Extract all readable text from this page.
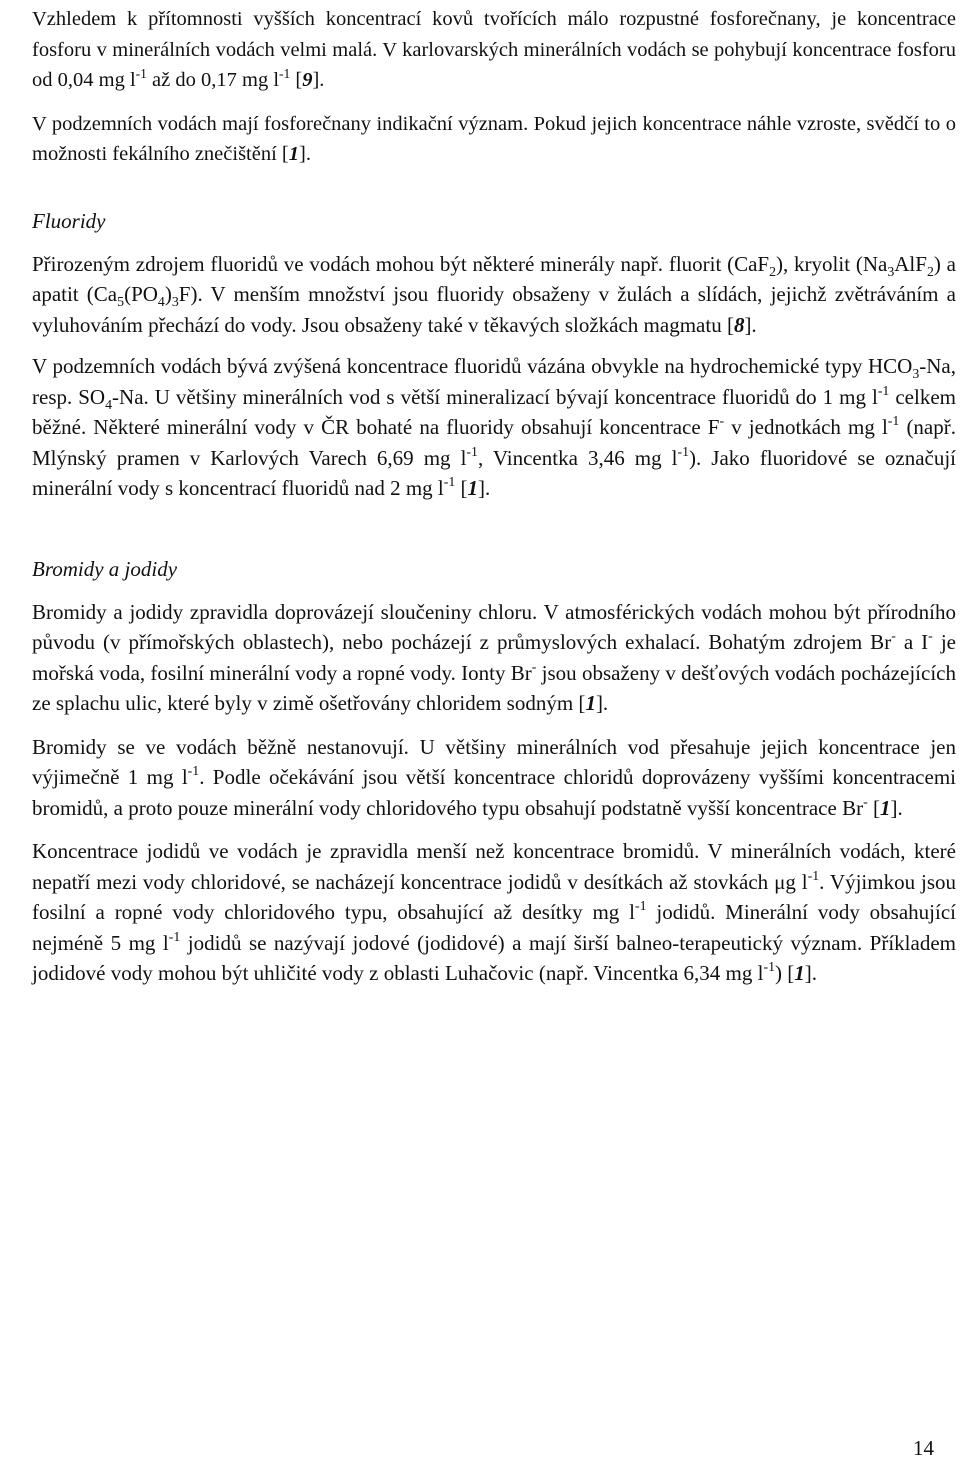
Vzhledem k přítomnosti vyšších koncentrací kovů tvořících málo rozpustné fosforečnany, je koncentrace fosforu v minerálních vodách velmi malá. V karlovarských minerálních vodách se pohybují koncentrace fosforu od 0,04 mg $l^{-1}$ až do 0,17 mg $l^{-1}$ [9].

V podzemních vodách mají fosforečnany indikační význam. Pokud jejich koncentrace náhle vzroste, svědčí to o možnosti fekálního znečištění [1].

Fluoridy

Přirozeným zdrojem fluoridů ve vodách mohou být některé minerály např. fluorit (CaF$_2$), kryolit $(Na_3AlF_2)$ a apatit $(Ca_5(PO_4)_3F)$. V menším množství jsou fluoridy obsaženy v žulách a slídách, jejichž zvětráváním a vyluhováním přechází do vody. Jsou obsaženy také v těkavých složkách magmatu [8].

V podzemních vodách bývá zvýšená koncentrace fluoridů vázána obvykle na hydrochemické typy $HCO_3-Na$, resp. $SO_4-Na$. U většiny minerálních vod s větší mineralizací bývají koncentrace fluoridů do 1 mg $l^{-1}$ celkem běžné. Některé minerální vody v ČR bohaté na fluoridy obsahují koncentrace F- v jednotkách mg $l^{-1}$ (např. Mlýnský pramen v Karlových Varech 6,69 mg $l^{-1}$, Vincentka 3,46 mg $l^{-1}$). Jako fluoridové se označují minerální vody s koncentrací fluoridů nad 2 mg $l^{-1}$ [1].

Bromidy a jodidy

Bromidy a jodidy zpravidla doprovázejí sloučeniny chloru. V atmosférických vodách mohou být přírodního původu (v přímořských oblastech), nebo pocházejí z průmyslových exhalací. Bohatým zdrojem Br- a I- je mořská voda, fosilní minerální vody a ropné vody. Ionty Br- jsou obsaženy v dešťových vodách pocházejících ze splachu ulic, které byly v zimě ošetřovány chloridem sodným [1].

Bromidy se ve vodách běžně nestanovují. U většiny minerálních vod přesahuje jejich koncentrace jen výjimečně 1 mg $l^{-1}$. Podle očekávání jsou větší koncentrace chloridů doprovázeny vyššími koncentracemi bromidů, a proto pouze minerální vody chloridového typu obsahují podstatně vyšší koncentrace Br- [1].

Koncentrace jodidů ve vodách je zpravidla menší než koncentrace bromidů. V minerálních vodách, které nepatří mezi vody chloridové, se nacházejí koncentrace jodidů v desítkách až stovkách μg $l^{-1}$. Výjimkou jsou fosilní a ropné vody chloridového typu, obsahující až desítky mg $l^{-1}$ jodidů. Minerální vody obsahující nejméně 5 mg $l^{-1}$ jodidů se nazývají jodové (jodidové) a mají širší balneo-terapeutický význam. Příkladem jodidové vody mohou být uhličité vody z oblasti Luhačovic (např. Vincentka 6,34 mg $l^{-1}$) [1].

14
